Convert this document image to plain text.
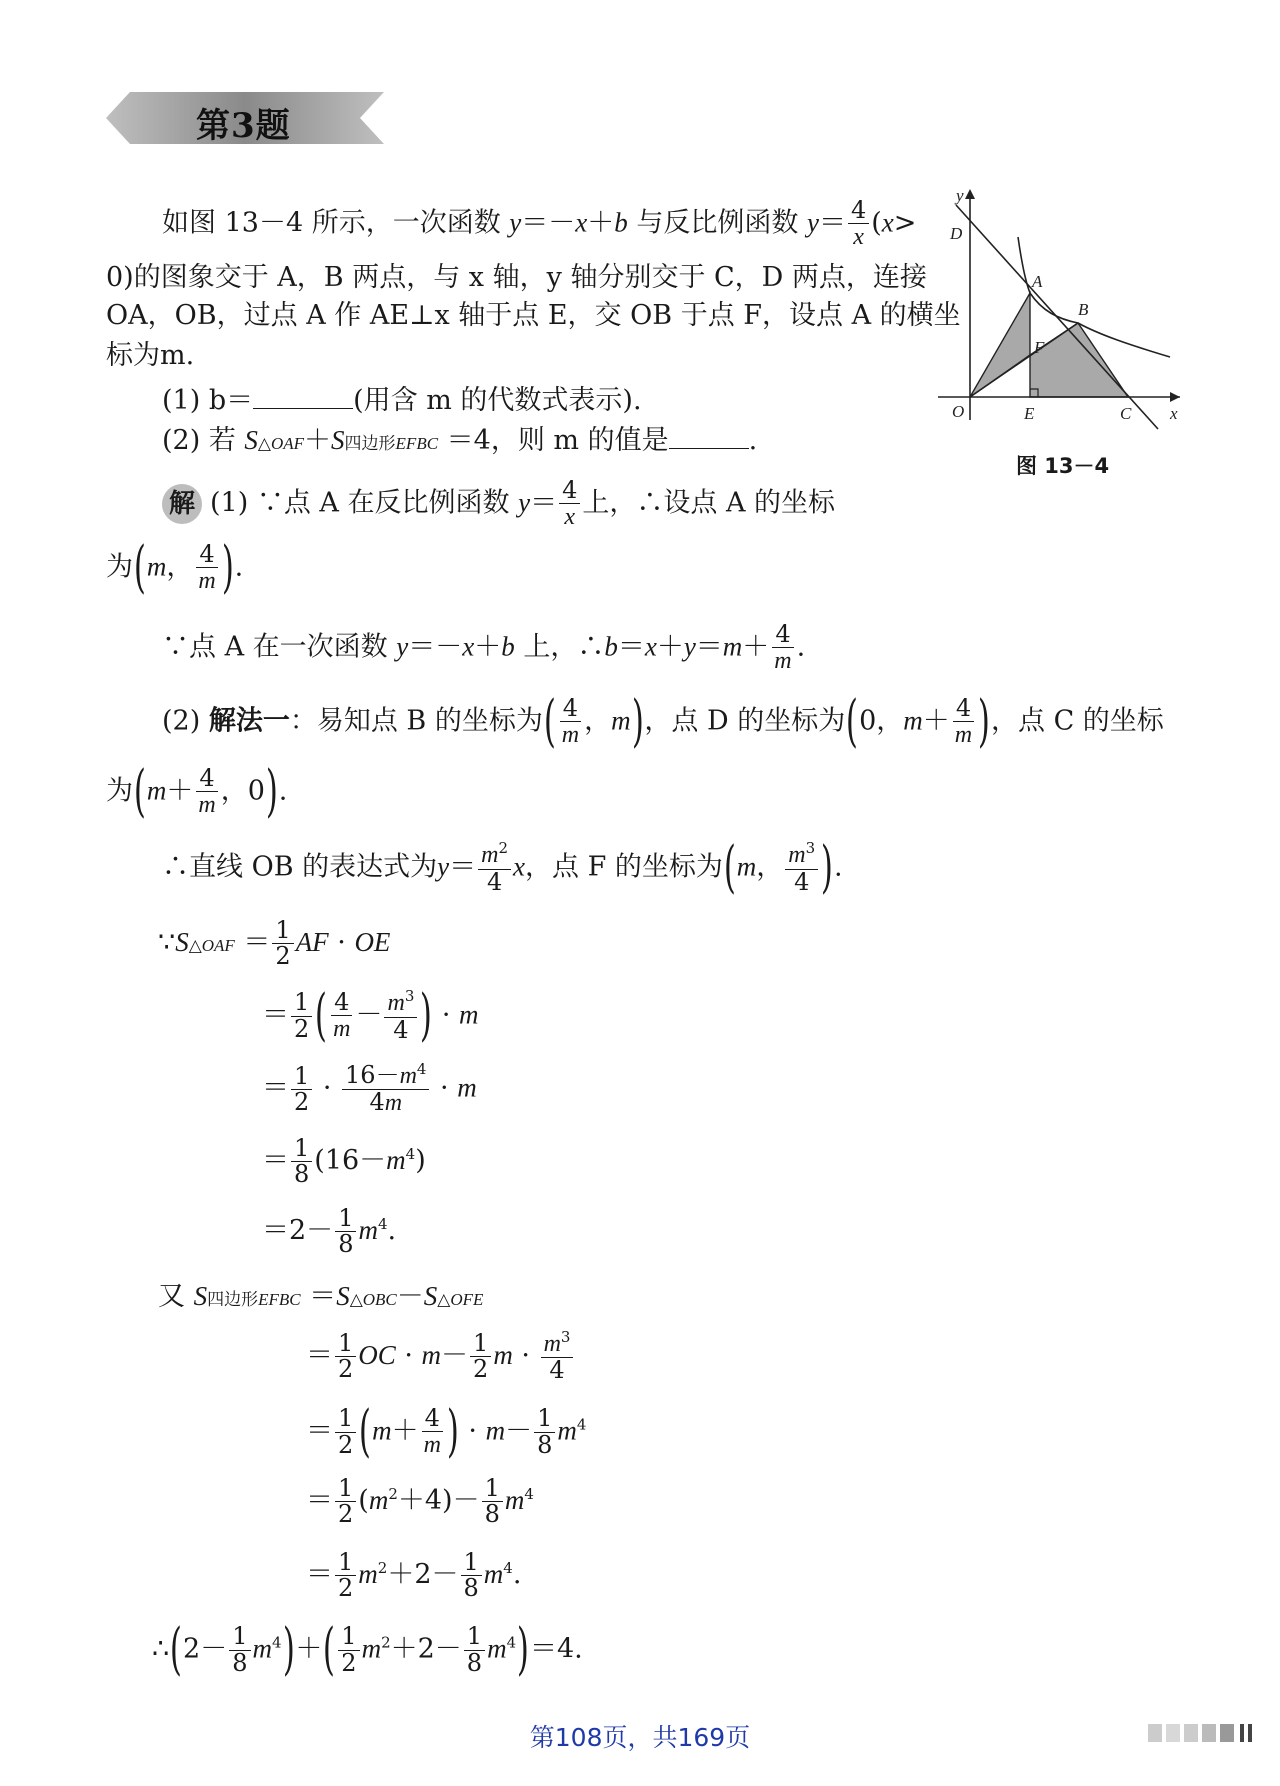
第3题
如图 13－4 所示，一次函数 y＝－x＋b 与反比例函数 $y= \frac{4}{x} (x>$
0)的图象交于 A，B 两点，与 x 轴，y 轴分别交于 C，D 两点，连接
OA，OB，过点 A 作 AE⊥x 轴于点 E，交 OB 于点 F，设点 A 的横坐
标为m.
(1) b＝	(用含 m 的代数式表示).
(2) 若 S△OAF＋S四边形EFBC ＝4，则 m 的值是	.
y
D
A
B
F
O	E	C x
图 13－4
解 (1) ∵点 A 在反比例函数 $y= \frac{4}{x}$ 上，∴设点 A 的坐标
为(m， $\frac{4}{m}$ ).
∵点 A 在一次函数 y＝－x＋b 上，∴b＝x＋y＝m＋ $\frac{4}{m}$ .
(2) 解法一：易知点 B 的坐标为( $\frac{4}{m}$ ，m)，点 D 的坐标为(0，$m+ \frac{4}{m}$ )，点 C 的坐标
为($m+ \frac{4}{m}$ ，0).
∴直线 OB 的表达式为$y= \frac{m^2}{4}$ x，点 F 的坐标为(m， $\frac{m^3}{4}$ ).
∵S△OAF ＝ $\frac{1}{2}$ AF · OE
＝ $\frac{1}{2}$ ( $\frac{4}{m} - \frac{m^3}{4}$ ) · m
＝ $\frac{1}{2} \cdot \frac{16-m^4}{4m} \cdot m$
＝ $\frac{1}{8} (16-m^4)$
$=2- \frac{1}{8} m^4$.
又 S四边形EFBC ＝S△OBC－S△OFE
＝ $\frac{1}{2}$ OC · $m- \frac{1}{2}$ $m \cdot \frac{m^3}{4}$
＝ $\frac{1}{2} (m+ \frac{4}{m}$ ) · $m- \frac{1}{8} m^4$
＝ $\frac{1}{2} (m^2+4)- \frac{1}{8} m^4$
＝ $\frac{1}{2} m^2+2- \frac{1}{8} m^4$.
∴(2－ $\frac{1}{8} m^4)+( \frac{1}{2} m^2+2- \frac{1}{8} m^4)=4$.
第108页，共169页
